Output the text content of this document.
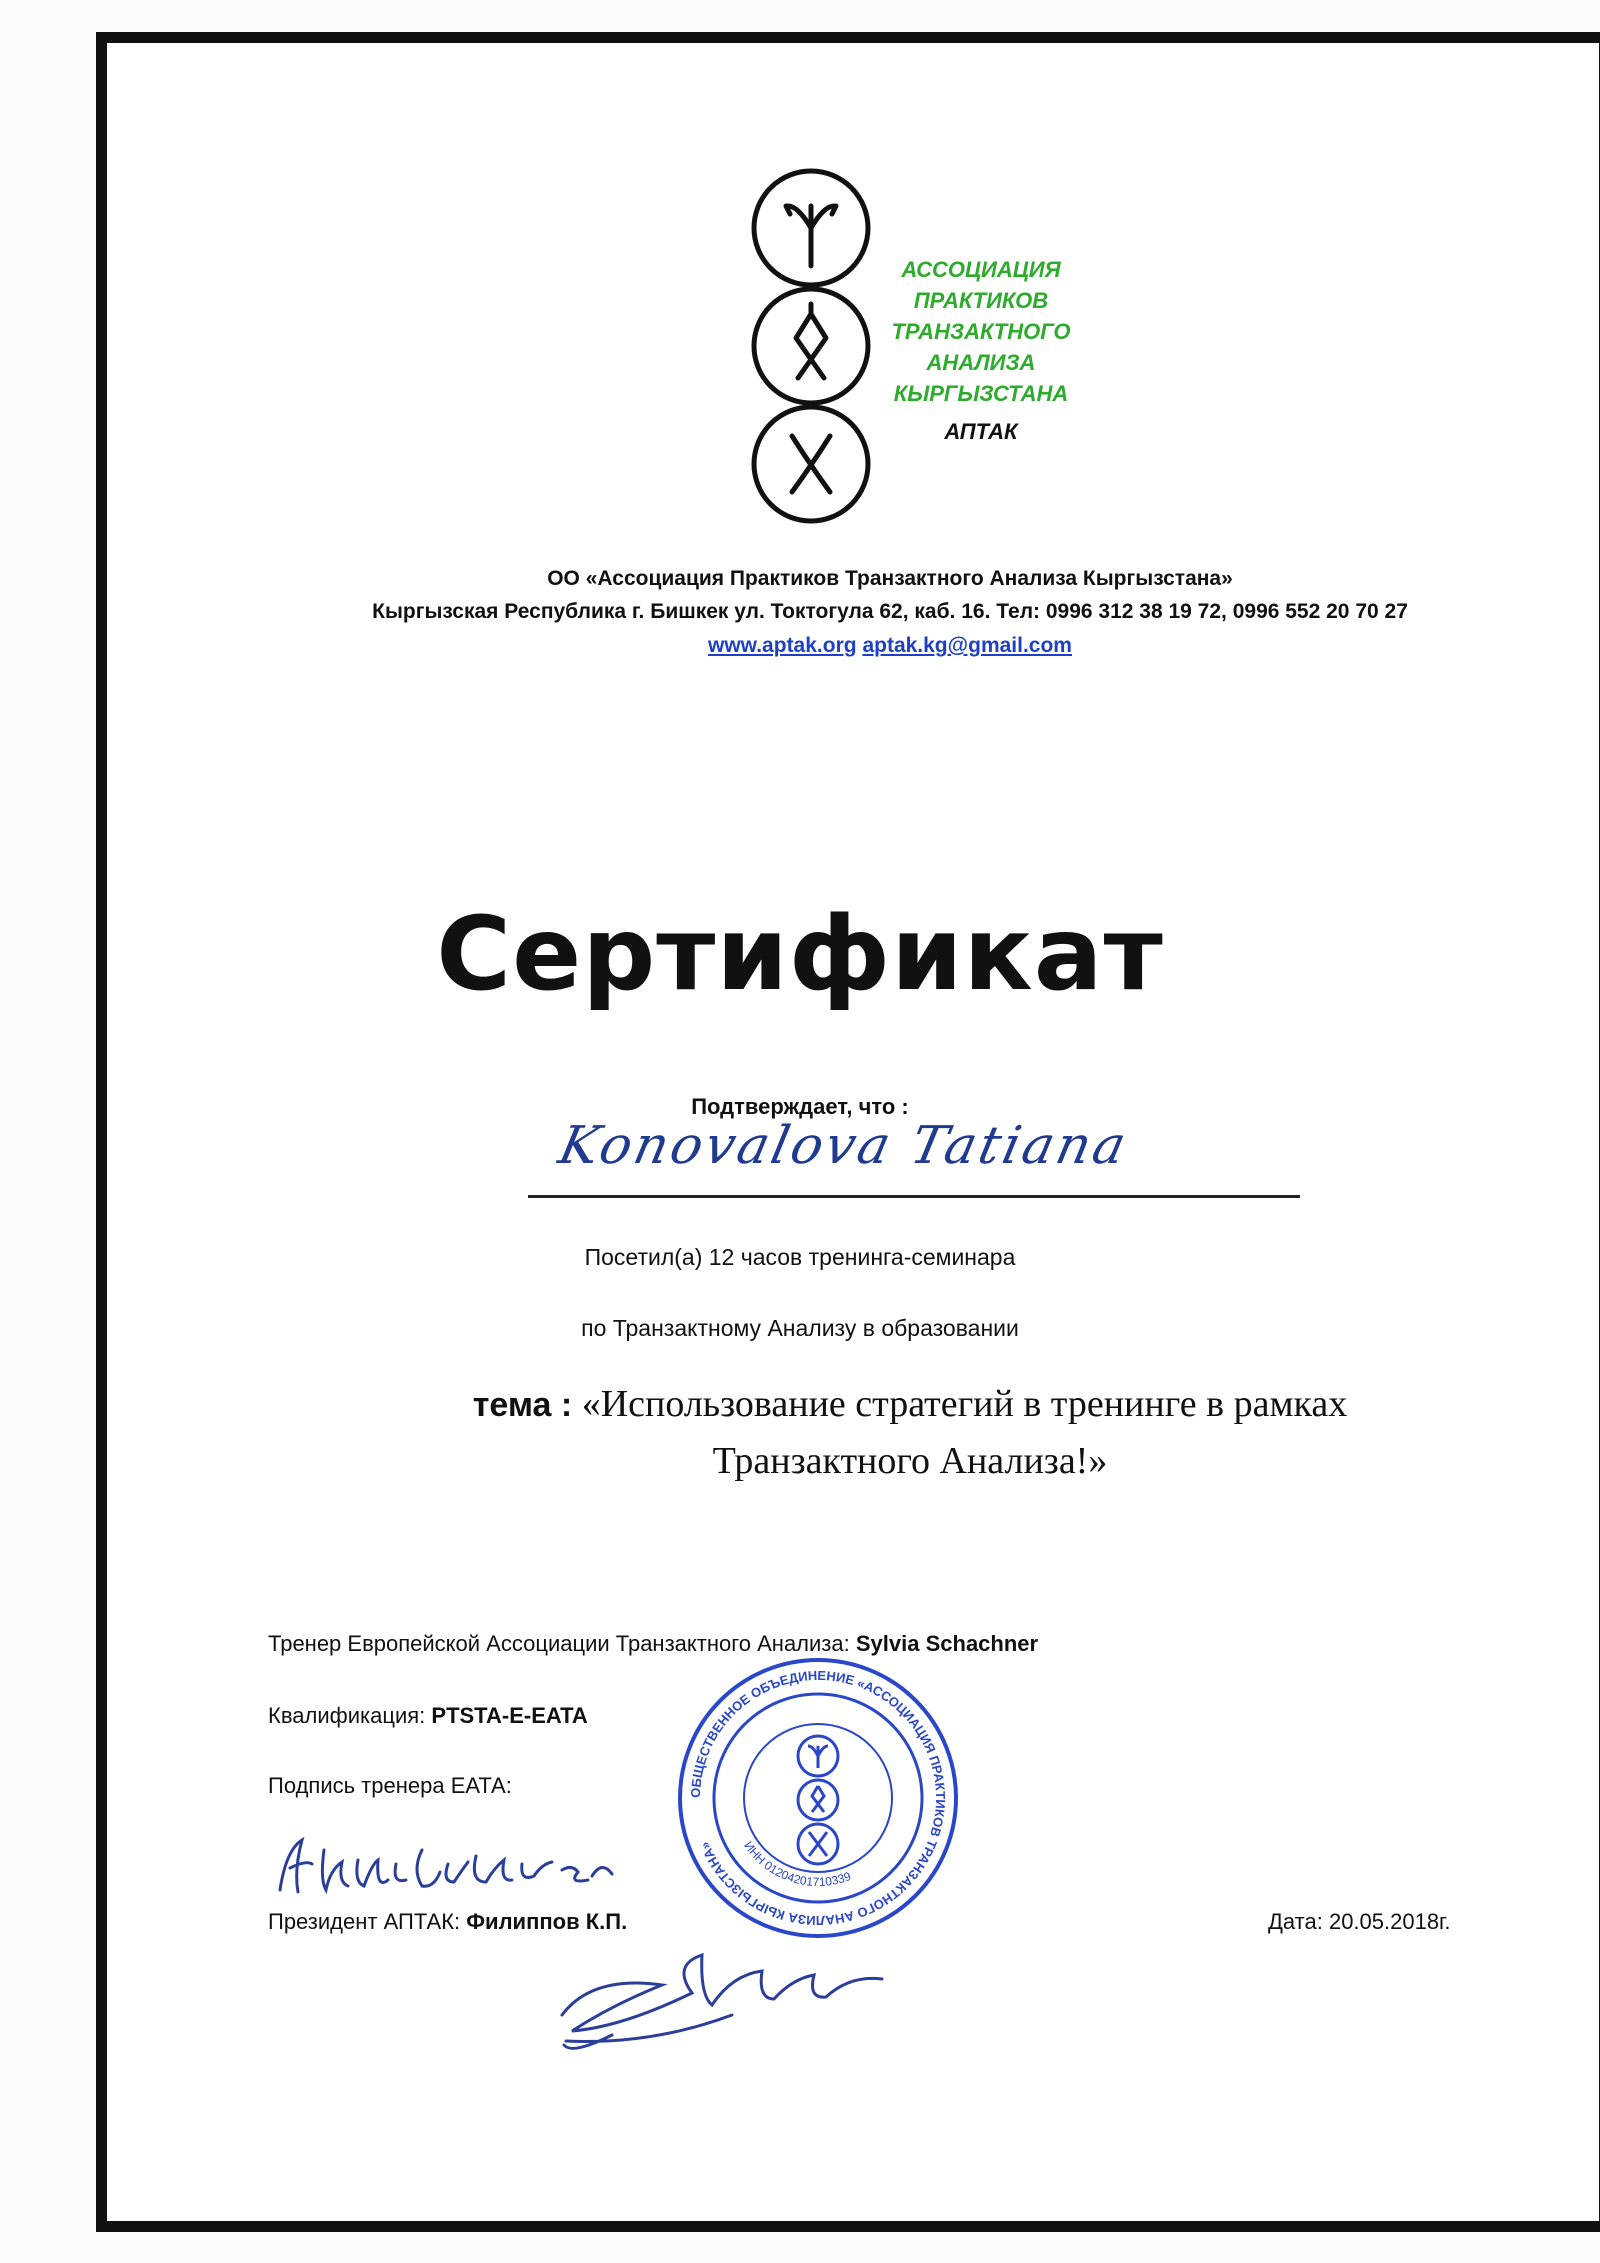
АССОЦИАЦИЯ
ПРАКТИКОВ
ТРАНЗАКТНОГО
АНАЛИЗА
КЫРГЫЗСТАНА
АПТАК
ОО «Ассоциация Практиков Транзактного Анализа Кыргызстана»
Кыргызская Республика г. Бишкек ул. Токтогула 62, каб. 16. Тел: 0996 312 38 19 72, 0996 552 20 70 27
www.aptak.org aptak.kg@gmail.com
Сертификат
Подтверждает, что :
Konovalova Tatiana
Посетил(а) 12 часов тренинга-семинара
по Транзактному Анализу в образовании
тема : «Использование стратегий в тренинге в рамках
Транзактного Анализа!»
Тренер Европейской Ассоциации Транзактного Анализа: Sylvia Schachner
Квалификация: PTSTA-E-EATA
Подпись тренера ЕАТА:	ОБЩЕСТВЕННОЕ ОБЪЕДИНЕНИЕ «АССОЦИАЦИЯ ПРАКТИКОВ ТРАНЗАКТНОГО АНАЛИЗА КЫРГЫЗСТАНА»	ИНН 01204201710339
Президент АПТАК: Филиппов К.П.	Дата: 20.05.2018г.
